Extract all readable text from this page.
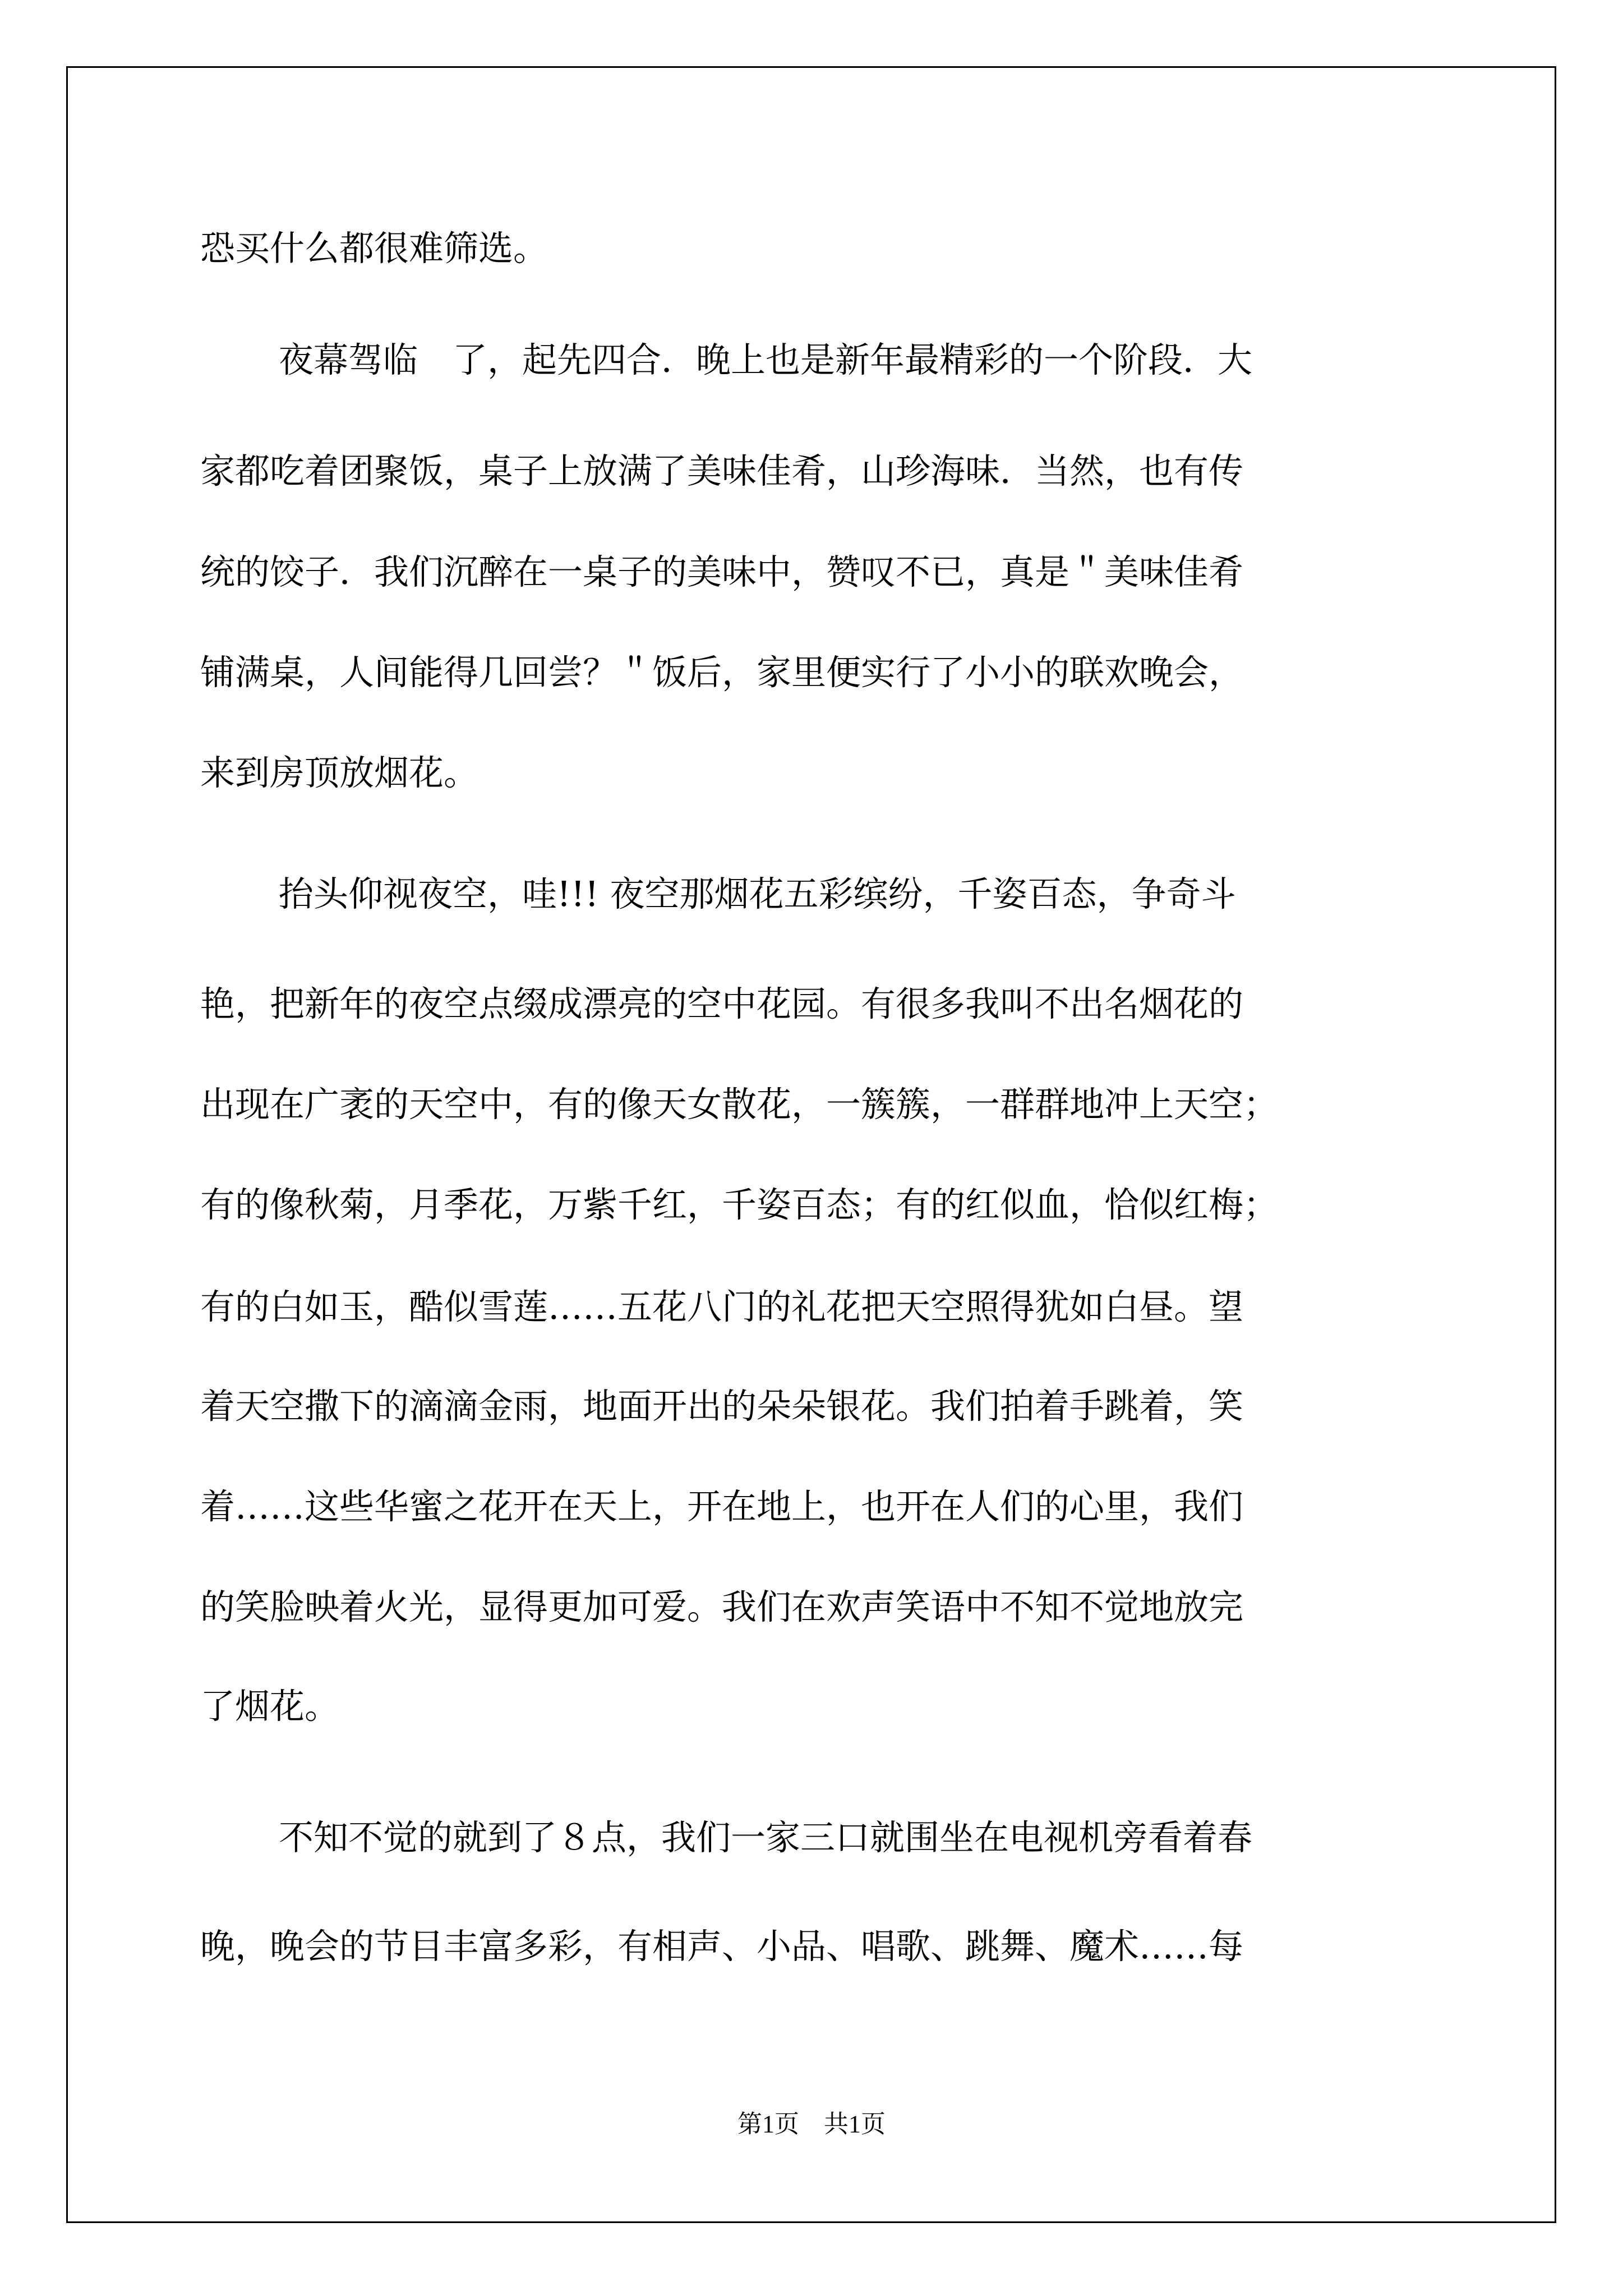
恐买什么都很难筛选。
夜幕驾临　了，起先四合．晚上也是新年最精彩的一个阶段．大
家都吃着团聚饭，桌子上放满了美味佳肴，山珍海味．当然，也有传
统的饺子．我们沉醉在一桌子的美味中，赞叹不已，真是＂美味佳肴
铺满桌，人间能得几回尝？＂饭后，家里便实行了小小的联欢晚会，
来到房顶放烟花。
抬头仰视夜空，哇!!! 夜空那烟花五彩缤纷，千姿百态，争奇斗
艳，把新年的夜空点缀成漂亮的空中花园。有很多我叫不出名烟花的
出现在广袤的天空中，有的像天女散花，一簇簇，一群群地冲上天空；
有的像秋菊，月季花，万紫千红，千姿百态；有的红似血，恰似红梅；
有的白如玉，酷似雪莲……五花八门的礼花把天空照得犹如白昼。望
着天空撒下的滴滴金雨，地面开出的朵朵银花。我们拍着手跳着，笑
着……这些华蜜之花开在天上，开在地上，也开在人们的心里，我们
的笑脸映着火光，显得更加可爱。我们在欢声笑语中不知不觉地放完
了烟花。
不知不觉的就到了８点，我们一家三口就围坐在电视机旁看着春
晚，晚会的节目丰富多彩，有相声、小品、唱歌、跳舞、魔术……每
第1页　共1页
